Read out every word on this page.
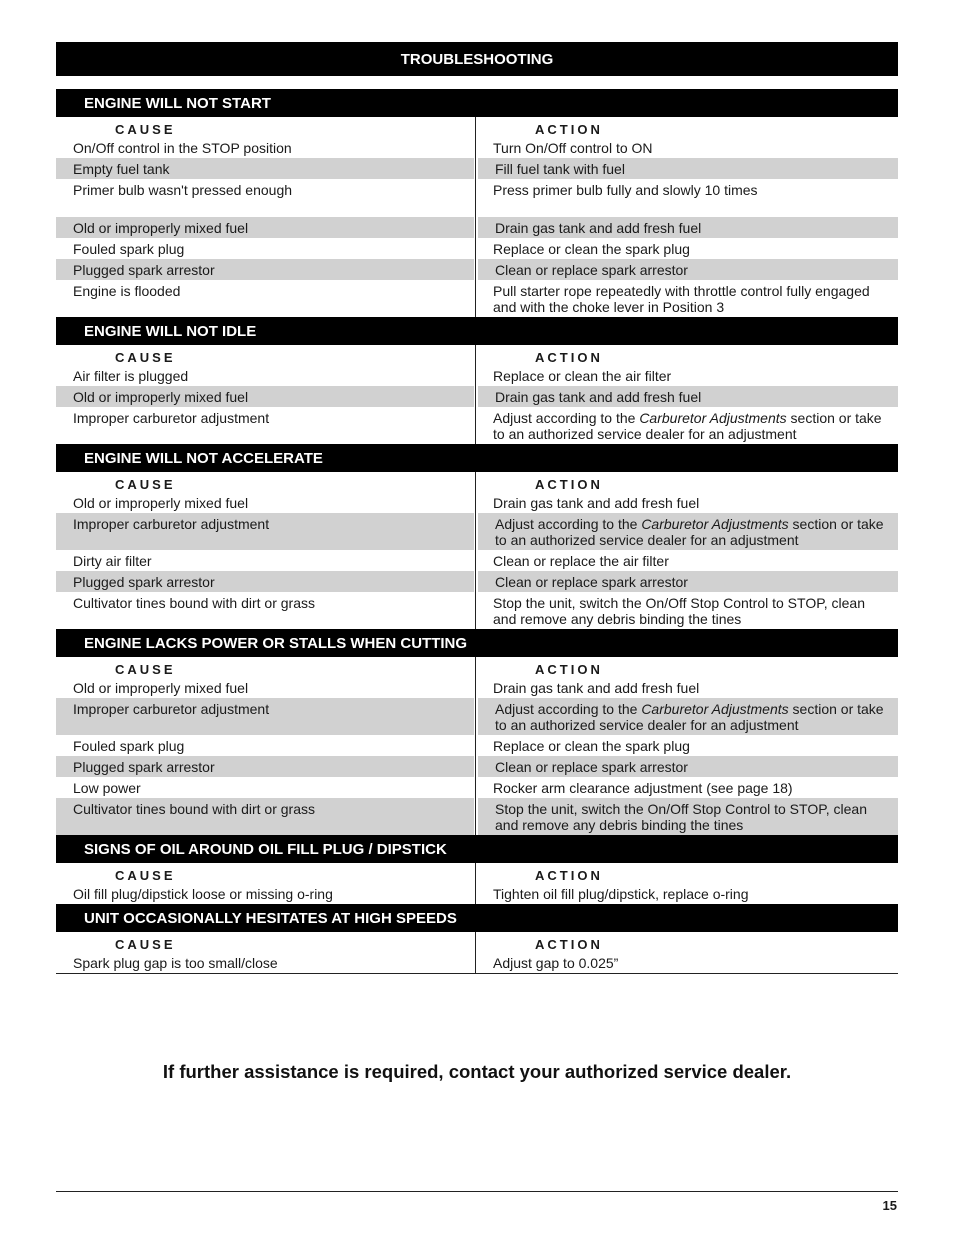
TROUBLESHOOTING
ENGINE WILL NOT START
CAUSE	ACTION
On/Off control in the STOP position	Turn On/Off control to ON
Empty fuel tank	Fill fuel tank with fuel
Primer bulb wasn't pressed enough	Press primer bulb fully and slowly 10 times
Old or improperly mixed fuel	Drain gas tank and add fresh fuel
Fouled spark plug	Replace or clean the spark plug
Plugged spark arrestor	Clean or replace spark arrestor
Engine is flooded	Pull starter rope repeatedly with throttle control fully engaged and with the choke lever in Position 3
ENGINE WILL NOT IDLE
CAUSE	ACTION
Air filter is plugged	Replace or clean the air filter
Old or improperly mixed fuel	Drain gas tank and add fresh fuel
Improper carburetor adjustment	Adjust according to the Carburetor Adjustments section or take to an authorized service dealer for an adjustment
ENGINE WILL NOT ACCELERATE
CAUSE	ACTION
Old or improperly mixed fuel	Drain gas tank and add fresh fuel
Improper carburetor adjustment	Adjust according to the Carburetor Adjustments section or take to an authorized service dealer for an adjustment
Dirty air filter	Clean or replace the air filter
Plugged spark arrestor	Clean or replace spark arrestor
Cultivator tines bound with dirt or grass	Stop the unit, switch the On/Off Stop Control to STOP, clean and remove any debris binding the tines
ENGINE LACKS POWER OR STALLS WHEN CUTTING
CAUSE	ACTION
Old or improperly mixed fuel	Drain gas tank and add fresh fuel
Improper carburetor adjustment	Adjust according to the Carburetor Adjustments section or take to an authorized service dealer for an adjustment
Fouled spark plug	Replace or clean the spark plug
Plugged spark arrestor	Clean or replace spark arrestor
Low power	Rocker arm clearance adjustment (see page 18)
Cultivator tines bound with dirt or grass	Stop the unit, switch the On/Off Stop Control to STOP, clean and remove any debris binding the tines
SIGNS OF OIL AROUND OIL FILL PLUG / DIPSTICK
CAUSE	ACTION
Oil fill plug/dipstick loose or missing o-ring	Tighten oil fill plug/dipstick, replace o-ring
UNIT OCCASIONALLY HESITATES AT HIGH SPEEDS
CAUSE	ACTION
Spark plug gap is too small/close	Adjust gap to 0.025”
If further assistance is required, contact your authorized service dealer.
15
